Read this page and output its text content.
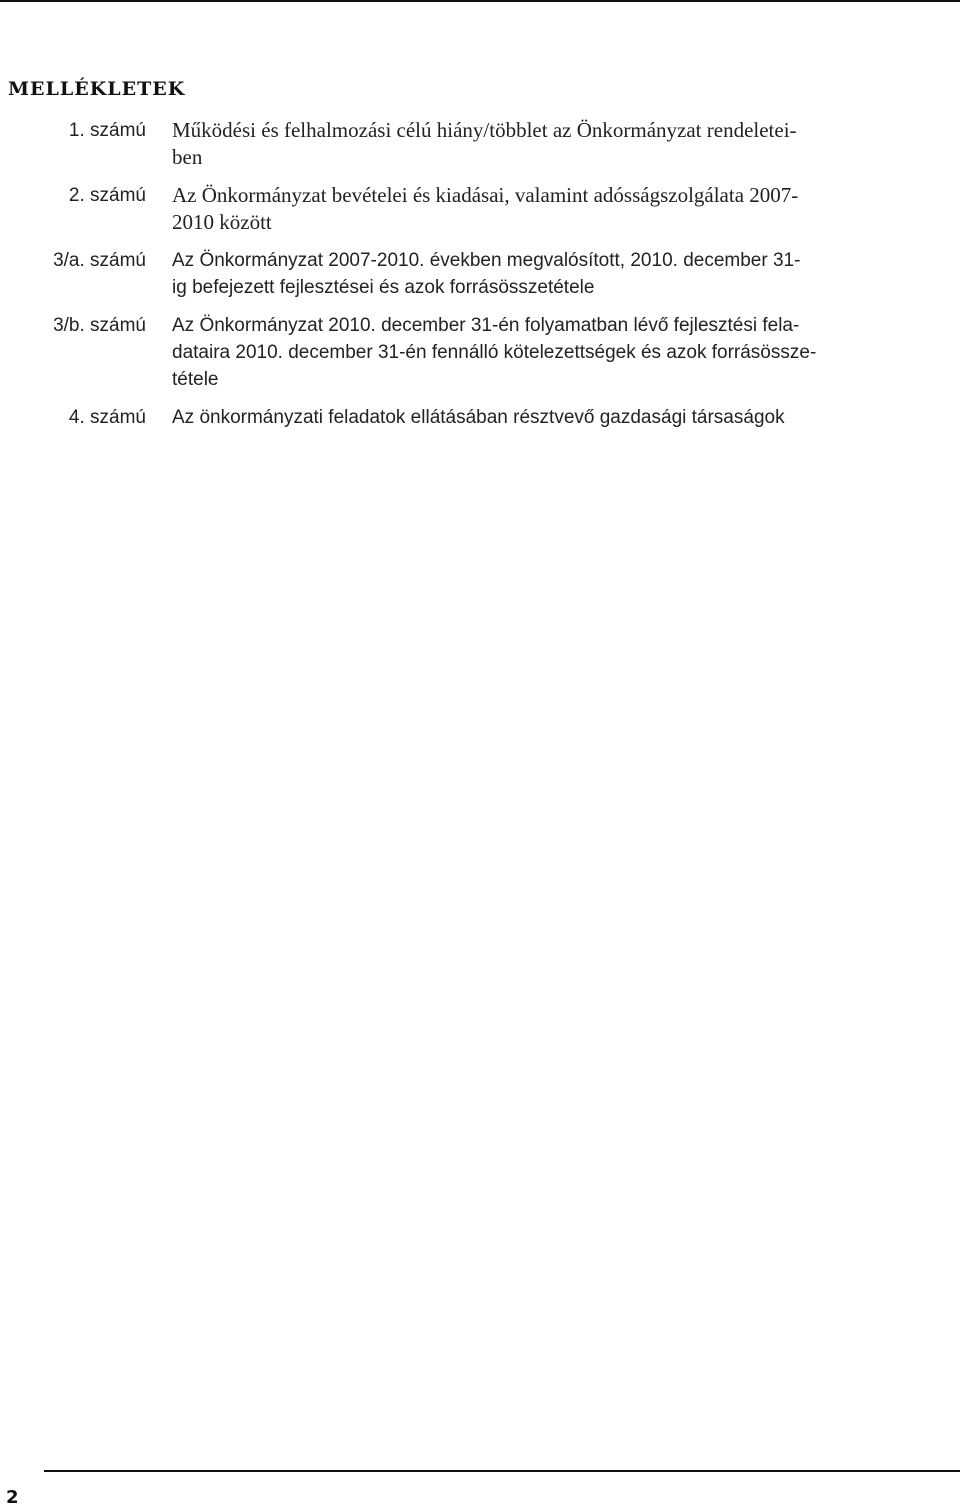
MELLÉKLETEK
1. számú Működési és felhalmozási célú hiány/többlet az Önkormányzat rendeletei-
ben
2. számú Az Önkormányzat bevételei és kiadásai, valamint adósságszolgálata 2007-
2010 között
3/a. számú Az Önkormányzat 2007-2010. években megvalósított, 2010. december 31-
ig befejezett fejlesztései és azok forrásösszetétele
3/b. számú Az Önkormányzat 2010. december 31-én folyamatban lévő fejlesztési fela-
dataira 2010. december 31-én fennálló kötelezettségek és azok forrásössze-
tétele
4. számú Az önkormányzati feladatok ellátásában résztvevő gazdasági társaságok
2
